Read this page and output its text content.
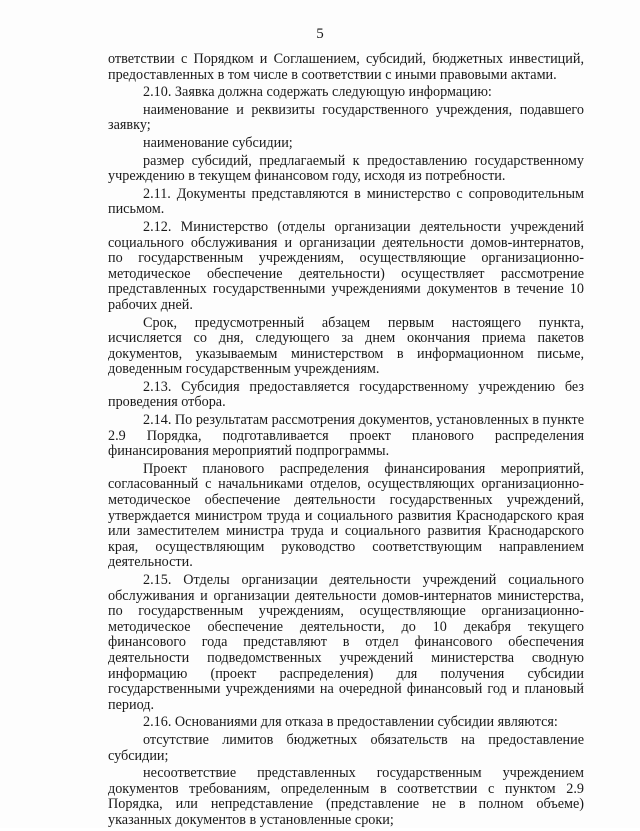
5

ответствии с Порядком и Соглашением, субсидий, бюджетных инвестиций, предоставленных в том числе в соответствии с иными правовыми актами.

2.10. Заявка должна содержать следующую информацию:

наименование и реквизиты государственного учреждения, подавшего заявку;

наименование субсидии;

размер субсидий, предлагаемый к предоставлению государственному учреждению в текущем финансовом году, исходя из потребности.

2.11. Документы представляются в министерство с сопроводительным письмом.

2.12. Министерство (отделы организации деятельности учреждений социального обслуживания и организации деятельности домов-интернатов, по государственным учреждениям, осуществляющие организационно-методическое обеспечение деятельности) осуществляет рассмотрение представленных государственными учреждениями документов в течение 10 рабочих дней.

Срок, предусмотренный абзацем первым настоящего пункта, исчисляется со дня, следующего за днем окончания приема пакетов документов, указываемым министерством в информационном письме, доведенным государственным учреждениям.

2.13. Субсидия предоставляется государственному учреждению без проведения отбора.

2.14. По результатам рассмотрения документов, установленных в пункте 2.9 Порядка, подготавливается проект планового распределения финансирования мероприятий подпрограммы.

Проект планового распределения финансирования мероприятий, согласованный с начальниками отделов, осуществляющих организационно-методическое обеспечение деятельности государственных учреждений, утверждается министром труда и социального развития Краснодарского края или заместителем министра труда и социального развития Краснодарского края, осуществляющим руководство соответствующим направлением деятельности.

2.15. Отделы организации деятельности учреждений социального обслуживания и организации деятельности домов-интернатов министерства, по государственным учреждениям, осуществляющие организационно-методическое обеспечение деятельности, до 10 декабря текущего финансового года представляют в отдел финансового обеспечения деятельности подведомственных учреждений министерства сводную информацию (проект распределения) для получения субсидии государственными учреждениями на очередной финансовый год и плановый период.

2.16. Основаниями для отказа в предоставлении субсидии являются:

отсутствие лимитов бюджетных обязательств на предоставление субсидии;

несоответствие представленных государственным учреждением документов требованиям, определенным в соответствии с пунктом 2.9 Порядка, или непредставление (представление не в полном объеме) указанных документов в установленные сроки;
